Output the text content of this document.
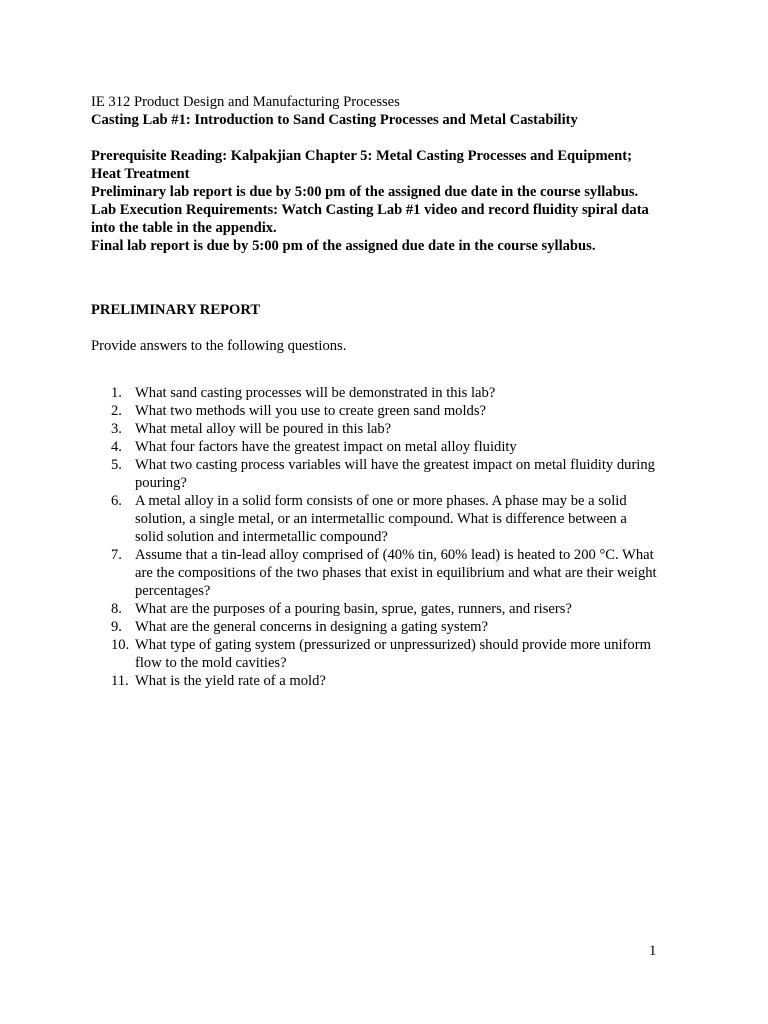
IE 312 Product Design and Manufacturing Processes
Casting Lab #1: Introduction to Sand Casting Processes and Metal Castability
Prerequisite Reading: Kalpakjian Chapter 5: Metal Casting Processes and Equipment;
Heat Treatment
Preliminary lab report is due by 5:00 pm of the assigned due date in the course syllabus.
Lab Execution Requirements: Watch Casting Lab #1 video and record fluidity spiral data
into the table in the appendix.
Final lab report is due by 5:00 pm of the assigned due date in the course syllabus.
PRELIMINARY REPORT
Provide answers to the following questions.
1. What sand casting processes will be demonstrated in this lab?
2. What two methods will you use to create green sand molds?
3. What metal alloy will be poured in this lab?
4. What four factors have the greatest impact on metal alloy fluidity
5. What two casting process variables will have the greatest impact on metal fluidity during
pouring?
6. A metal alloy in a solid form consists of one or more phases. A phase may be a solid
solution, a single metal, or an intermetallic compound. What is difference between a
solid solution and intermetallic compound?
7. Assume that a tin-lead alloy comprised of (40% tin, 60% lead) is heated to 200 °C. What
are the compositions of the two phases that exist in equilibrium and what are their weight
percentages?
8. What are the purposes of a pouring basin, sprue, gates, runners, and risers?
9. What are the general concerns in designing a gating system?
10. What type of gating system (pressurized or unpressurized) should provide more uniform
flow to the mold cavities?
11. What is the yield rate of a mold?
1
